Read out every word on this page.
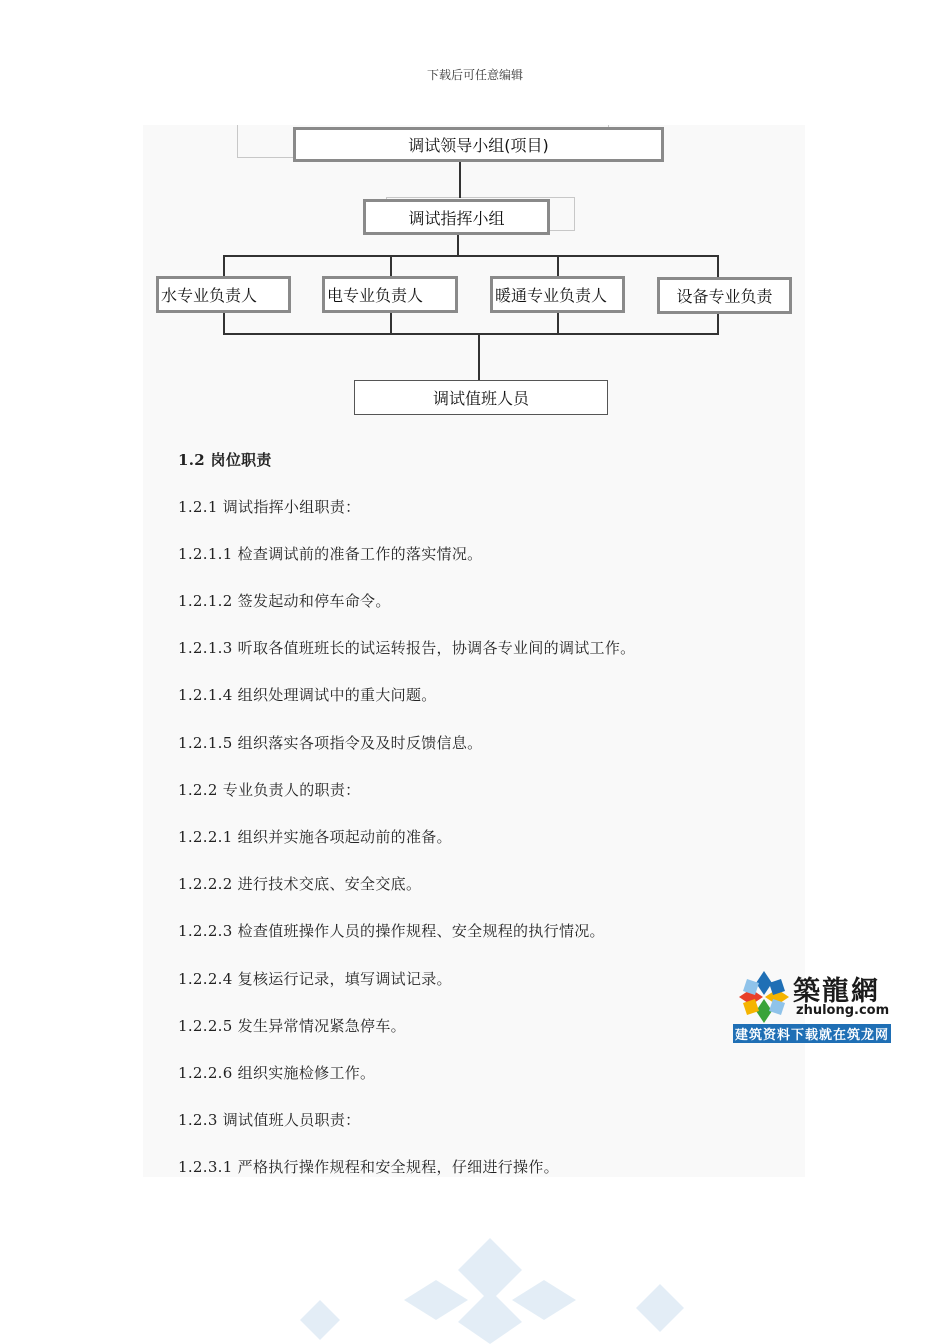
下载后可任意编辑
调试领导小组(项目)
调试指挥小组
水专业负责人	电专业负责人	暖通专业负责人	设备专业负责
调试值班人员
1.2 岗位职责
1.2.1 调试指挥小组职责：
1.2.1.1 检查调试前的准备工作的落实情况。
1.2.1.2 签发起动和停车命令。
1.2.1.3 听取各值班班长的试运转报告，协调各专业间的调试工作。
1.2.1.4 组织处理调试中的重大问题。
1.2.1.5 组织落实各项指令及及时反馈信息。
1.2.2 专业负责人的职责：
1.2.2.1 组织并实施各项起动前的准备。
1.2.2.2 进行技术交底、安全交底。
1.2.2.3 检查值班操作人员的操作规程、安全规程的执行情况。
1.2.2.4 复核运行记录，填写调试记录。
1.2.2.5 发生异常情况紧急停车。
1.2.2.6 组织实施检修工作。
1.2.3 调试值班人员职责：
1.2.3.1 严格执行操作规程和安全规程，仔细进行操作。
築龍網
zhulong.com
建筑资料下载就在筑龙网
